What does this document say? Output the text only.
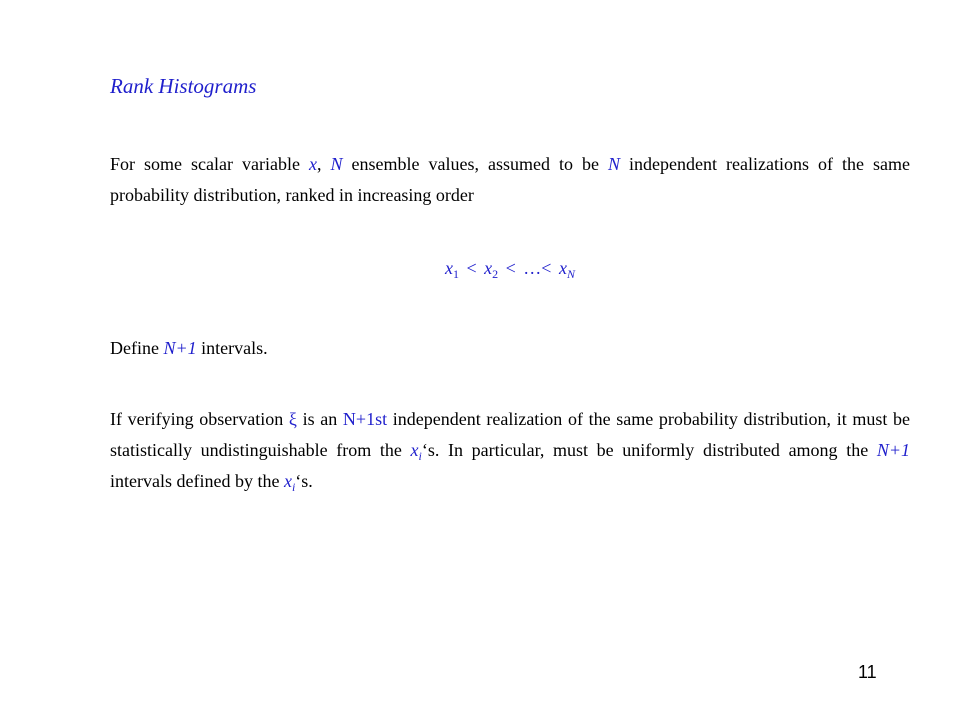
Rank Histograms

For some scalar variable x, N ensemble values, assumed to be N independent realizations of the same probability distribution, ranked in increasing order

$x_1 < x_2$ < …< $x_N$

Define N+1 intervals.

If verifying observation ξ is an N+1st independent realization of the same probability distribution, it must be statistically undistinguishable from the $x_i‘s$. In particular, must be uniformly distributed among the N+1 intervals defined by the $x_i‘s$.

11
